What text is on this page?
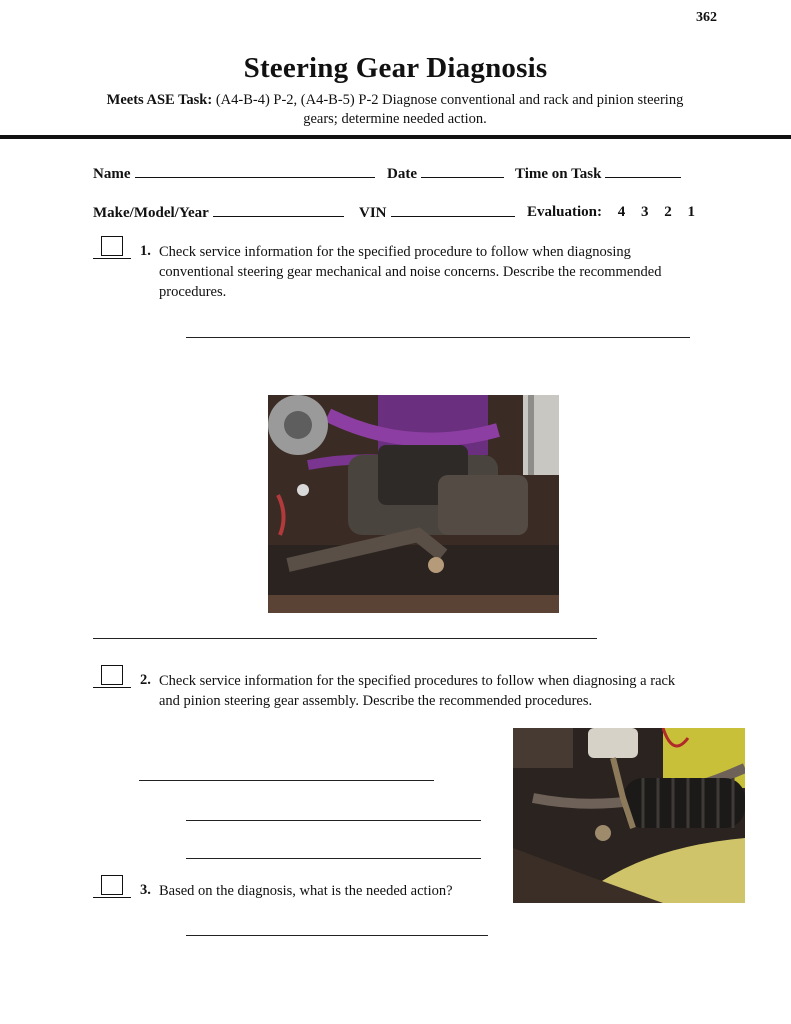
362
Steering Gear Diagnosis
Meets ASE Task: (A4-B-4) P-2, (A4-B-5) P-2 Diagnose conventional and rack and pinion steering gears; determine needed action.
Name	Date	Time on Task
Make/Model/Year	VIN	Evaluation: 4 3 2 1
1. Check service information for the specified procedure to follow when diagnosing conventional steering gear mechanical and noise concerns. Describe the recommended procedures.
2. Check service information for the specified procedures to follow when diagnosing a rack and pinion steering gear assembly. Describe the recommended procedures.
3. Based on the diagnosis, what is the needed action?
